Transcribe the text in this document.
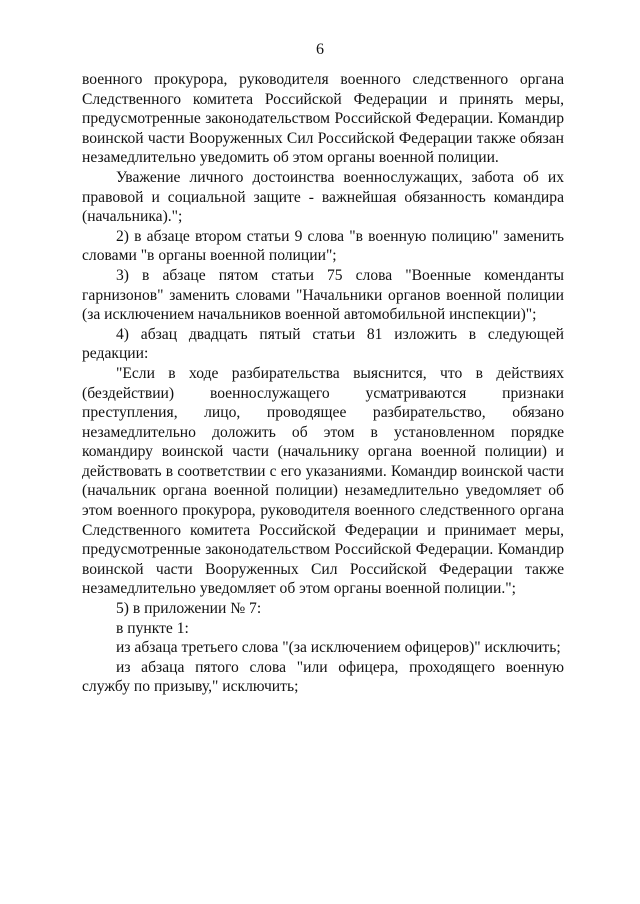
6

военного прокурора, руководителя военного следственного органа Следственного комитета Российской Федерации и принять меры, предусмотренные законодательством Российской Федерации. Командир воинской части Вооруженных Сил Российской Федерации также обязан незамедлительно уведомить об этом органы военной полиции.

Уважение личного достоинства военнослужащих, забота об их правовой и социальной защите - важнейшая обязанность командира (начальника).";

2) в абзаце втором статьи 9 слова "в военную полицию" заменить словами "в органы военной полиции";

3) в абзаце пятом статьи 75 слова "Военные коменданты гарнизонов" заменить словами "Начальники органов военной полиции (за исключением начальников военной автомобильной инспекции)";

4) абзац двадцать пятый статьи 81 изложить в следующей редакции:

"Если в ходе разбирательства выяснится, что в действиях (бездействии) военнослужащего усматриваются признаки преступления, лицо, проводящее разбирательство, обязано незамедлительно доложить об этом в установленном порядке командиру воинской части (начальнику органа военной полиции) и действовать в соответствии с его указаниями. Командир воинской части (начальник органа военной полиции) незамедлительно уведомляет об этом военного прокурора, руководителя военного следственного органа Следственного комитета Российской Федерации и принимает меры, предусмотренные законодательством Российской Федерации. Командир воинской части Вооруженных Сил Российской Федерации также незамедлительно уведомляет об этом органы военной полиции.";

5) в приложении № 7:

в пункте 1:

из абзаца третьего слова "(за исключением офицеров)" исключить;

из абзаца пятого слова "или офицера, проходящего военную службу по призыву," исключить;
